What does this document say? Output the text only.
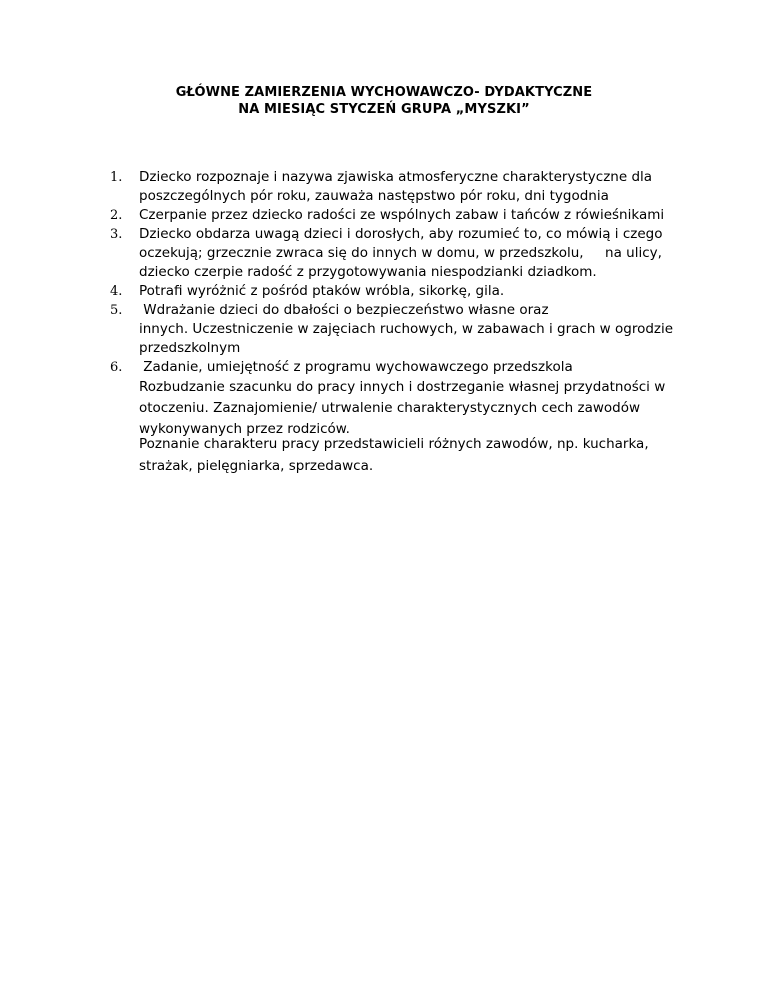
GŁÓWNE ZAMIERZENIA WYCHOWAWCZO- DYDAKTYCZNE
NA MIESIĄC STYCZEŃ GRUPA „MYSZKI”
1. Dziecko rozpoznaje i nazywa zjawiska atmosferyczne charakterystyczne dla
poszczególnych pór roku, zauważa następstwo pór roku, dni tygodnia
2. Czerpanie przez dziecko radości ze wspólnych zabaw i tańców z rówieśnikami
3. Dziecko obdarza uwagą dzieci i dorosłych, aby rozumieć to, co mówią i czego
oczekują; grzecznie zwraca się do innych w domu, w przedszkolu,     na ulicy,
dziecko czerpie radość z przygotowywania niespodzianki dziadkom.
4. Potrafi wyróżnić z pośród ptaków wróbla, sikorkę, gila.
5. Wdrażanie dzieci do dbałości o bezpieczeństwo własne oraz
innych. Uczestniczenie w zajęciach ruchowych, w zabawach i grach w ogrodzie
przedszkolnym
6. Zadanie, umiejętność z programu wychowawczego przedszkola
Rozbudzanie szacunku do pracy innych i dostrzeganie własnej przydatności w
otoczeniu. Zaznajomienie/ utrwalenie charakterystycznych cech zawodów
wykonywanych przez rodziców.
Poznanie charakteru pracy przedstawicieli różnych zawodów, np. kucharka,
strażak, pielęgniarka, sprzedawca.
